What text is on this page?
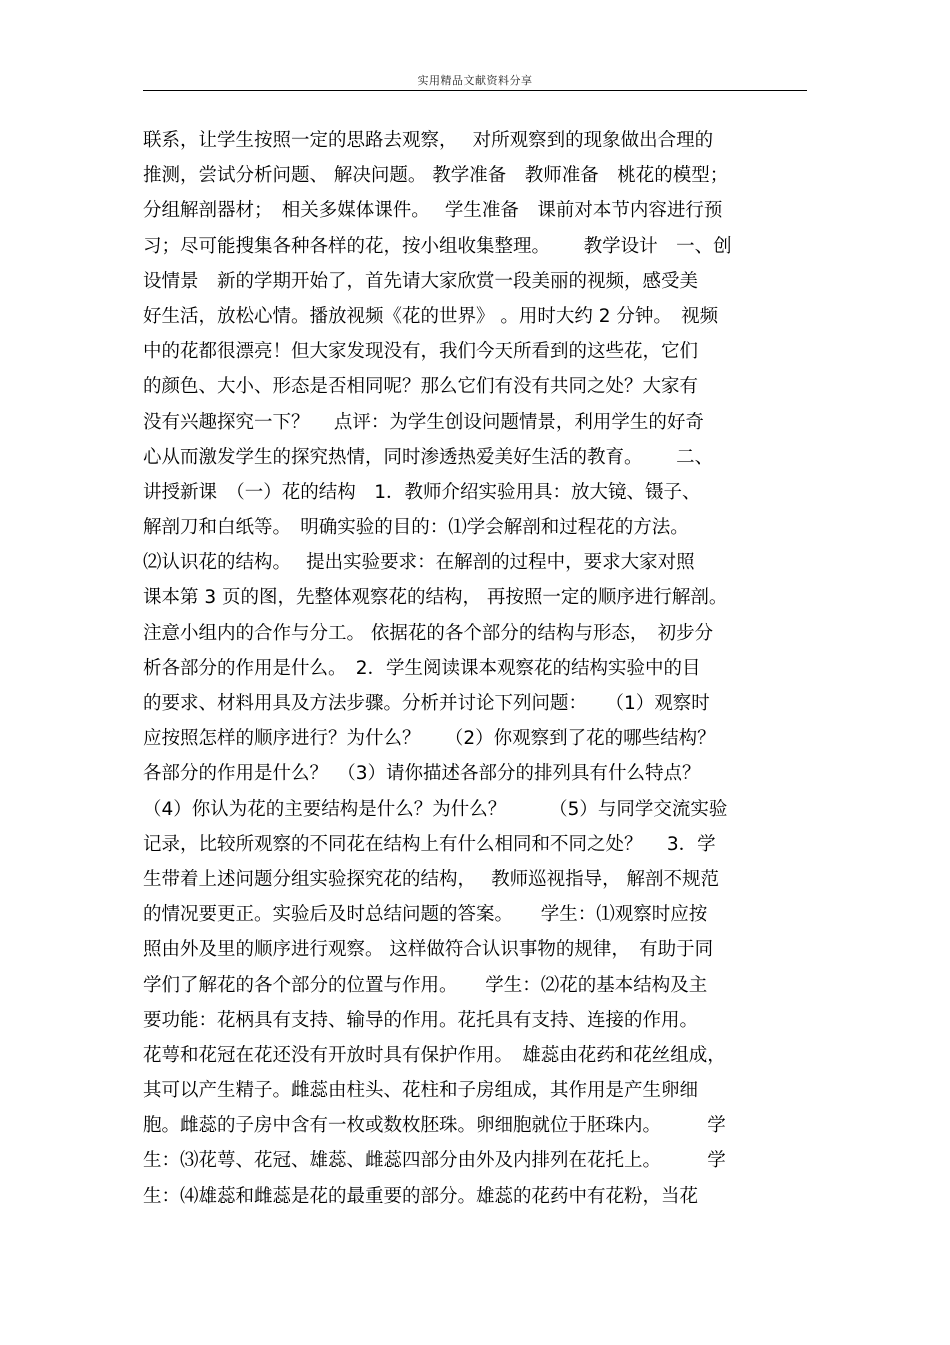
实用精品文献资料分享
联系，让学生按照一定的思路去观察，　 对所观察到的现象做出合理的
推测，尝试分析问题、 解决问题。 教学准备　教师准备　桃花的模型；
分组解剖器材；　相关多媒体课件。　 学生准备　课前对本节内容进行预
习；尽可能搜集各种各样的花，按小组收集整理。　　 教学设计　一、创
设情景　新的学期开始了，首先请大家欣赏一段美丽的视频，感受美
好生活，放松心情。播放视频《花的世界》 。用时大约 2 分钟。　视频
中的花都很漂亮！但大家发现没有，我们今天所看到的这些花，它们
的颜色、大小、形态是否相同呢？那么它们有没有共同之处？大家有
没有兴趣探究一下？　 点评：为学生创设问题情景，利用学生的好奇
心从而激发学生的探究热情，同时渗透热爱美好生活的教育。　　 二、
讲授新课　（一）花的结构　1．教师介绍实验用具：放大镜、镊子、
解剖刀和白纸等。　明确实验的目的：⑴学会解剖和过程花的方法。
⑵认识花的结构。　 提出实验要求：在解剖的过程中，要求大家对照
课本第 3 页的图，先整体观察花的结构， 再按照一定的顺序进行解剖。
注意小组内的合作与分工。 依据花的各个部分的结构与形态，　初步分
析各部分的作用是什么。　2．学生阅读课本观察花的结构实验中的目
的要求、材料用具及方法步骤。分析并讨论下列问题：　　（1）观察时
应按照怎样的顺序进行？为什么？　 （2）你观察到了花的哪些结构？
各部分的作用是什么？　（3）请你描述各部分的排列具有什么特点？
（4）你认为花的主要结构是什么？为什么？　　 （5）与同学交流实验
记录，比较所观察的不同花在结构上有什么相同和不同之处？　 3．学
生带着上述问题分组实验探究花的结构，　 教师巡视指导， 解剖不规范
的情况要更正。实验后及时总结问题的答案。　　学生：⑴观察时应按
照由外及里的顺序进行观察。 这样做符合认识事物的规律，　有助于同
学们了解花的各个部分的位置与作用。　　学生：⑵花的基本结构及主
要功能：花柄具有支持、输导的作用。花托具有支持、连接的作用。
花萼和花冠在花还没有开放时具有保护作用。　雄蕊由花药和花丝组成，
其可以产生精子。雌蕊由柱头、花柱和子房组成，其作用是产生卵细
胞。雌蕊的子房中含有一枚或数枚胚珠。卵细胞就位于胚珠内。　　　学
生：⑶花萼、花冠、雄蕊、雌蕊四部分由外及内排列在花托上。　　　学
生：⑷雄蕊和雌蕊是花的最重要的部分。雄蕊的花药中有花粉，当花
